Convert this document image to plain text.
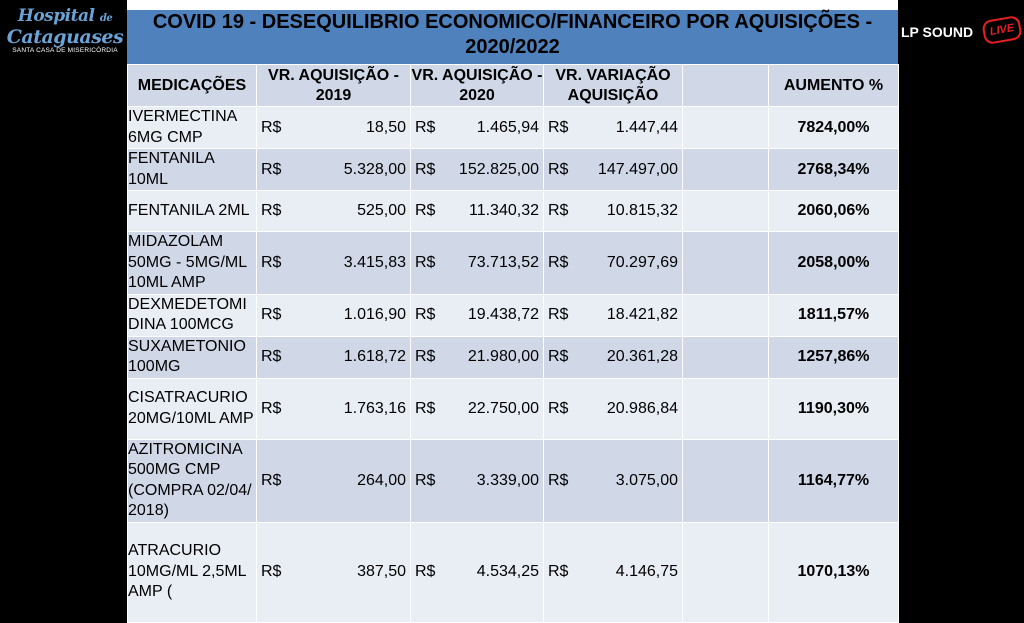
Hospital de
Cataguases
SANTA CASA DE MISERICÓRDIA
LP SOUND	LIVE
COVID 19 - DESEQUILIBRIO ECONOMICO/FINANCEIRO POR AQUISIÇÕES -
2020/2022
MEDICAÇÕES	VR. AQUISIÇÃO - 2019	VR. AQUISIÇÃO - 2020	VR. VARIAÇÃO AQUISIÇÃO		AUMENTO %
IVERMECTINA 6MG CMP	R$ 18,50	R$ 1.465,94	R$ 1.447,44		7824,00%
FENTANILA 10ML	R$ 5.328,00	R$ 152.825,00	R$ 147.497,00		2768,34%
FENTANILA 2ML	R$ 525,00	R$ 11.340,32	R$ 10.815,32		2060,06%
MIDAZOLAM 50MG - 5MG/ML 10ML AMP	R$ 3.415,83	R$ 73.713,52	R$ 70.297,69		2058,00%
DEXMEDETOMI DINA 100MCG	R$ 1.016,90	R$ 19.438,72	R$ 18.421,82		1811,57%
SUXAMETONIO 100MG	R$ 1.618,72	R$ 21.980,00	R$ 20.361,28		1257,86%
CISATRACURIO 20MG/10ML AMP	R$ 1.763,16	R$ 22.750,00	R$ 20.986,84		1190,30%
AZITROMICINA 500MG CMP (COMPRA 02/04/ 2018)	R$ 264,00	R$ 3.339,00	R$ 3.075,00		1164,77%
ATRACURIO 10MG/ML 2,5ML AMP (	R$ 387,50	R$ 4.534,25	R$ 4.146,75		1070,13%
